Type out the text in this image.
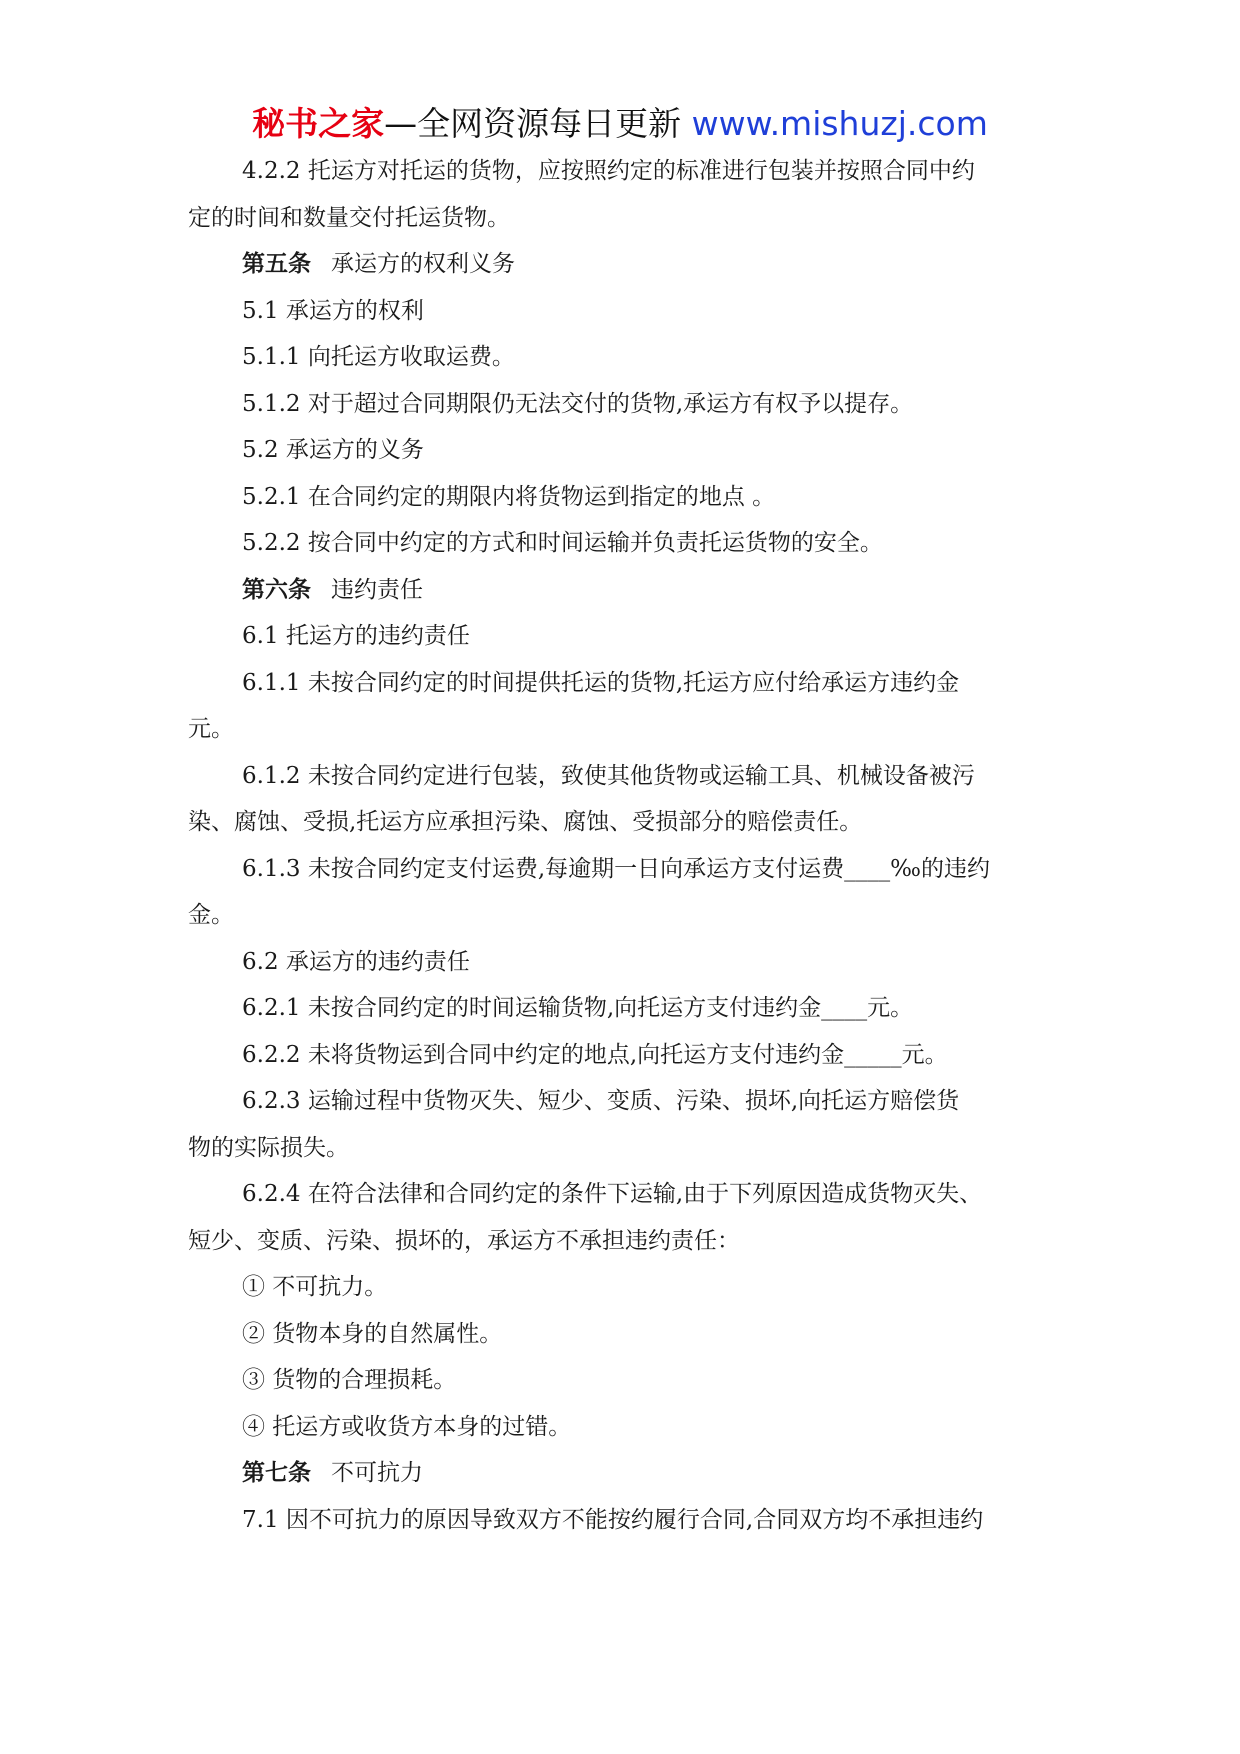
秘书之家—全网资源每日更新 www.mishuzj.com
4.2.2 托运方对托运的货物，应按照约定的标准进行包装并按照合同中约
定的时间和数量交付托运货物。
第五条 承运方的权利义务
5.1 承运方的权利
5.1.1 向托运方收取运费。
5.1.2 对于超过合同期限仍无法交付的货物,承运方有权予以提存。
5.2 承运方的义务
5.2.1 在合同约定的期限内将货物运到指定的地点 。
5.2.2 按合同中约定的方式和时间运输并负责托运货物的安全。
第六条 违约责任
6.1 托运方的违约责任
6.1.1 未按合同约定的时间提供托运的货物,托运方应付给承运方违约金
元。
6.1.2 未按合同约定进行包装，致使其他货物或运输工具、机械设备被污
染、腐蚀、受损,托运方应承担污染、腐蚀、受损部分的赔偿责任。
6.1.3 未按合同约定支付运费,每逾期一日向承运方支付运费____‰的违约
金。
6.2 承运方的违约责任
6.2.1 未按合同约定的时间运输货物,向托运方支付违约金____元。
6.2.2 未将货物运到合同中约定的地点,向托运方支付违约金_____元。
6.2.3 运输过程中货物灭失、短少、变质、污染、损坏,向托运方赔偿货
物的实际损失。
6.2.4 在符合法律和合同约定的条件下运输,由于下列原因造成货物灭失、
短少、变质、污染、损坏的，承运方不承担违约责任：
① 不可抗力。
② 货物本身的自然属性。
③ 货物的合理损耗。
④ 托运方或收货方本身的过错。
第七条 不可抗力
7.1 因不可抗力的原因导致双方不能按约履行合同,合同双方均不承担违约
